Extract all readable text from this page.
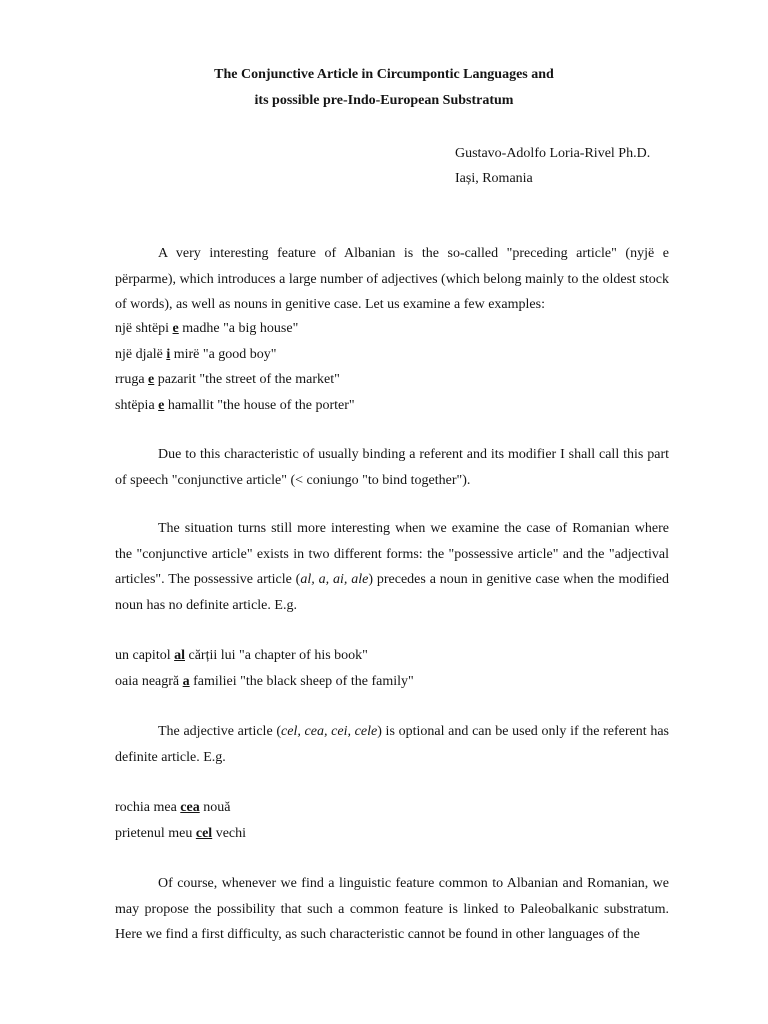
The Conjunctive Article in Circumpontic Languages and
its possible pre-Indo-European Substratum
Gustavo-Adolfo Loria-Rivel Ph.D.
Iași, Romania

A very interesting feature of Albanian is the so-called "preceding article" (nyjë e përparme), which introduces a large number of adjectives (which belong mainly to the oldest stock of words), as well as nouns in genitive case. Let us examine a few examples:

një shtëpi e madhe "a big house"
një djalë i mirë "a good boy"
rruga e pazarit "the street of the market"
shtëpia e hamallit "the house of the porter"

Due to this characteristic of usually binding a referent and its modifier I shall call this part of speech "conjunctive article" (< coniungo "to bind together").

The situation turns still more interesting when we examine the case of Romanian where the "conjunctive article" exists in two different forms: the "possessive article" and the "adjectival articles". The possessive article (al, a, ai, ale) precedes a noun in genitive case when the modified noun has no definite article. E.g.

un capitol al cărții lui "a chapter of his book"
oaia neagră a familiei "the black sheep of the family"

The adjective article (cel, cea, cei, cele) is optional and can be used only if the referent has definite article. E.g.

rochia mea cea nouă
prietenul meu cel vechi

Of course, whenever we find a linguistic feature common to Albanian and Romanian, we may propose the possibility that such a common feature is linked to Paleobalkanic substratum. Here we find a first difficulty, as such characteristic cannot be found in other languages of the
